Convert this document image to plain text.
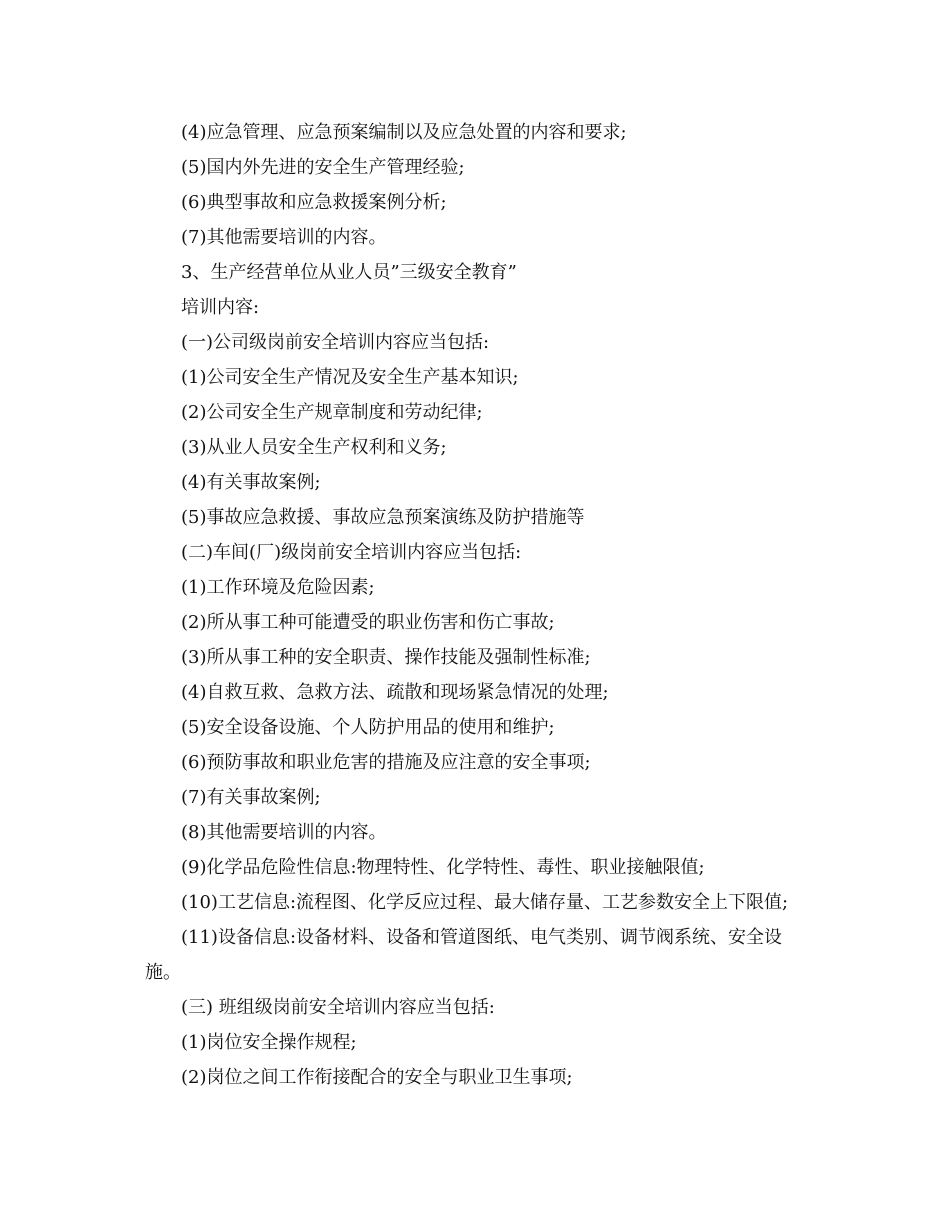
(4)应急管理、应急预案编制以及应急处置的内容和要求;
(5)国内外先进的安全生产管理经验;
(6)典型事故和应急救援案例分析;
(7)其他需要培训的内容。
3、生产经营单位从业人员”三级安全教育”
培训内容:
(一)公司级岗前安全培训内容应当包括:
(1)公司安全生产情况及安全生产基本知识;
(2)公司安全生产规章制度和劳动纪律;
(3)从业人员安全生产权利和义务;
(4)有关事故案例;
(5)事故应急救援、事故应急预案演练及防护措施等
(二)车间(厂)级岗前安全培训内容应当包括:
(1)工作环境及危险因素;
(2)所从事工种可能遭受的职业伤害和伤亡事故;
(3)所从事工种的安全职责、操作技能及强制性标准;
(4)自救互救、急救方法、疏散和现场紧急情况的处理;
(5)安全设备设施、个人防护用品的使用和维护;
(6)预防事故和职业危害的措施及应注意的安全事项;
(7)有关事故案例;
(8)其他需要培训的内容。
(9)化学品危险性信息:物理特性、化学特性、毒性、职业接触限值;
(10)工艺信息:流程图、化学反应过程、最大储存量、工艺参数安全上下限值;
(11)设备信息:设备材料、设备和管道图纸、电气类别、调节阀系统、安全设
施。
(三) 班组级岗前安全培训内容应当包括:
(1)岗位安全操作规程;
(2)岗位之间工作衔接配合的安全与职业卫生事项;
